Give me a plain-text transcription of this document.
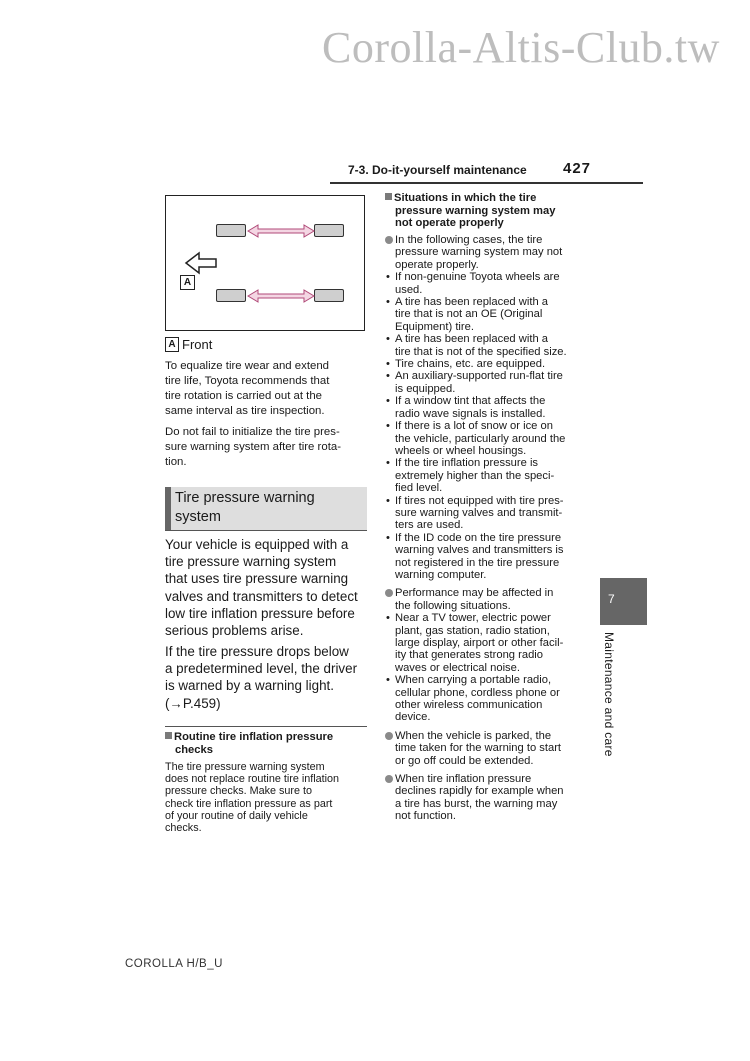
Corolla-Altis-Club.tw
7-3. Do-it-yourself maintenance 427
A
A Front
To equalize tire wear and extend
tire life, Toyota recommends that
tire rotation is carried out at the
same interval as tire inspection.
Do not fail to initialize the tire pres-
sure warning system after tire rota-
tion.
Tire pressure warning
system
Your vehicle is equipped with a
tire pressure warning system
that uses tire pressure warning
valves and transmitters to detect
low tire inflation pressure before
serious problems arise.
If the tire pressure drops below
a predetermined level, the driver
is warned by a warning light.
(→P.459)
Routine tire inflation pressure
checks
The tire pressure warning system
does not replace routine tire inflation
pressure checks. Make sure to
check tire inflation pressure as part
of your routine of daily vehicle
checks.
Situations in which the tire
pressure warning system may
not operate properly
In the following cases, the tire
pressure warning system may not
operate properly.
• If non-genuine Toyota wheels are
used.
• A tire has been replaced with a
tire that is not an OE (Original
Equipment) tire.
• A tire has been replaced with a
tire that is not of the specified size.
• Tire chains, etc. are equipped.
• An auxiliary-supported run-flat tire
is equipped.
• If a window tint that affects the
radio wave signals is installed.
• If there is a lot of snow or ice on
the vehicle, particularly around the
wheels or wheel housings.
• If the tire inflation pressure is
extremely higher than the speci-
fied level.
• If tires not equipped with tire pres-
sure warning valves and transmit-
ters are used.
• If the ID code on the tire pressure
warning valves and transmitters is
not registered in the tire pressure
warning computer.
Performance may be affected in
the following situations.
• Near a TV tower, electric power
plant, gas station, radio station,
large display, airport or other facil-
ity that generates strong radio
waves or electrical noise.
• When carrying a portable radio,
cellular phone, cordless phone or
other wireless communication
device.
When the vehicle is parked, the
time taken for the warning to start
or go off could be extended.
When tire inflation pressure
declines rapidly for example when
a tire has burst, the warning may
not function.
7
Maintenance and care
COROLLA H/B_U
